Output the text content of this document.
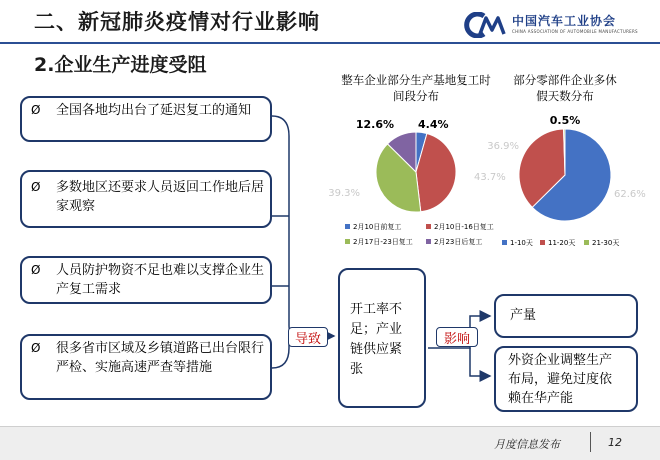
二、新冠肺炎疫情对行业影响	中国汽车工业协会
CHINA ASSOCIATION OF AUTOMOBILE MANUFACTURERS
2.企业生产进度受阻
Ø 全国各地均出台了延迟复工的通知
Ø 多数地区还要求人员返回工作地后居家观察
Ø 人员防护物资不足也难以支撑企业生产复工需求
Ø 很多省市区域及乡镇道路已出台限行严检、实施高速严查等措施
导致
开工率不足；产业链供应紧张
影响
产量
外资企业调整生产布局，避免过度依赖在华产能
整车企业部分生产基地复工时间段分布
部分零部件企业多休假天数分布
4.4%
43.7%
39.3%
12.6%
2月10日前复工	2月10日-16日复工
2月17日-23日复工	2月23日后复工
62.6%
36.9%
0.5%
1-10天 11-20天 21-30天
月度信息发布	12
